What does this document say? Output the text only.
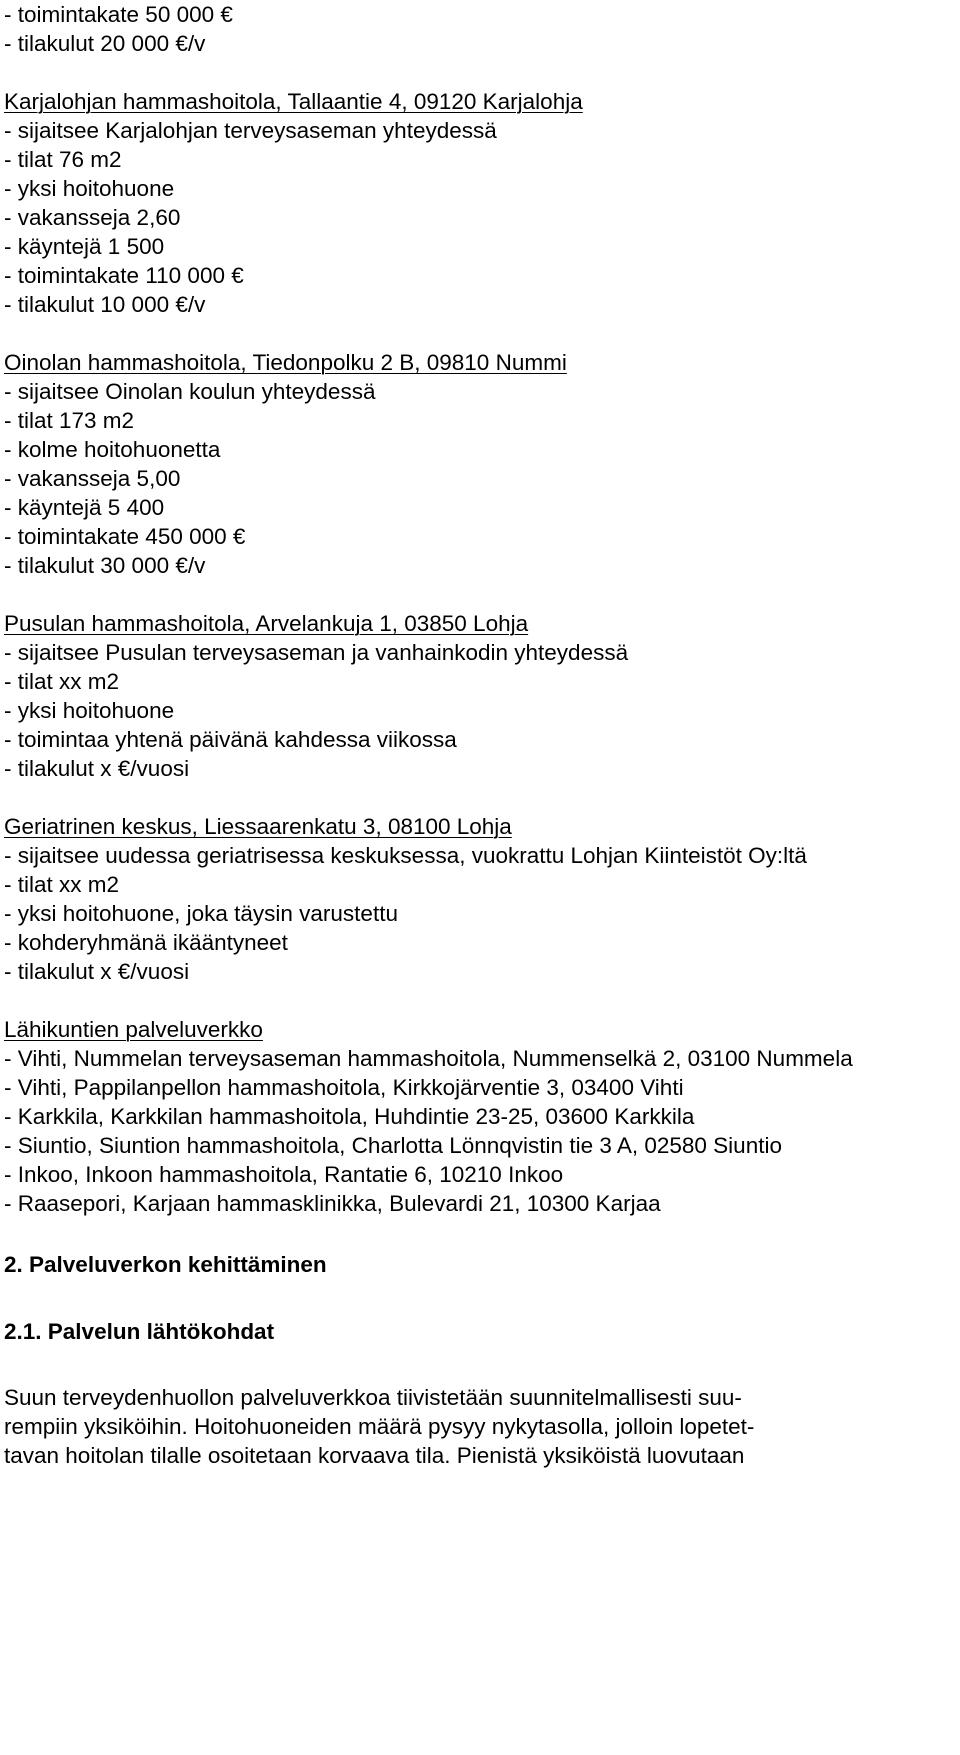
- toimintakate 50 000 €
- tilakulut 20 000 €/v
Karjalohjan hammashoitola, Tallaantie 4, 09120 Karjalohja
- sijaitsee Karjalohjan terveysaseman yhteydessä
- tilat 76 m2
- yksi hoitohuone
- vakansseja 2,60
- käyntejä 1 500
- toimintakate 110 000 €
- tilakulut 10 000 €/v
Oinolan hammashoitola, Tiedonpolku 2 B, 09810 Nummi
- sijaitsee Oinolan koulun yhteydessä
- tilat 173 m2
- kolme hoitohuonetta
- vakansseja 5,00
- käyntejä 5 400
- toimintakate 450 000 €
- tilakulut 30 000 €/v
Pusulan hammashoitola, Arvelankuja 1, 03850 Lohja
- sijaitsee Pusulan terveysaseman ja vanhainkodin yhteydessä
- tilat xx m2
- yksi hoitohuone
- toimintaa yhtenä päivänä kahdessa viikossa
- tilakulut x €/vuosi
Geriatrinen keskus, Liessaarenkatu 3, 08100 Lohja
- sijaitsee uudessa geriatrisessa keskuksessa, vuokrattu Lohjan Kiinteistöt Oy:ltä
- tilat xx m2
- yksi hoitohuone, joka täysin varustettu
- kohderyhmänä ikääntyneet
- tilakulut x €/vuosi
Lähikuntien palveluverkko
- Vihti, Nummelan terveysaseman hammashoitola, Nummenselkä 2, 03100 Nummela
- Vihti, Pappilanpellon hammashoitola, Kirkkojärventie 3, 03400 Vihti
- Karkkila, Karkkilan hammashoitola, Huhdintie 23-25, 03600 Karkkila
- Siuntio, Siuntion hammashoitola, Charlotta Lönnqvistin tie 3 A, 02580 Siuntio
- Inkoo, Inkoon hammashoitola, Rantatie 6, 10210 Inkoo
- Raasepori, Karjaan hammasklinikka, Bulevardi 21, 10300 Karjaa
2. Palveluverkon kehittäminen
2.1. Palvelun lähtökohdat
Suun terveydenhuollon palveluverkkoa tiivistetään suunnitelmallisesti suu-
rempiin yksiköihin. Hoitohuoneiden määrä pysyy nykytasolla, jolloin lopetet-
tavan hoitolan tilalle osoitetaan korvaava tila. Pienistä yksiköistä luovutaan
